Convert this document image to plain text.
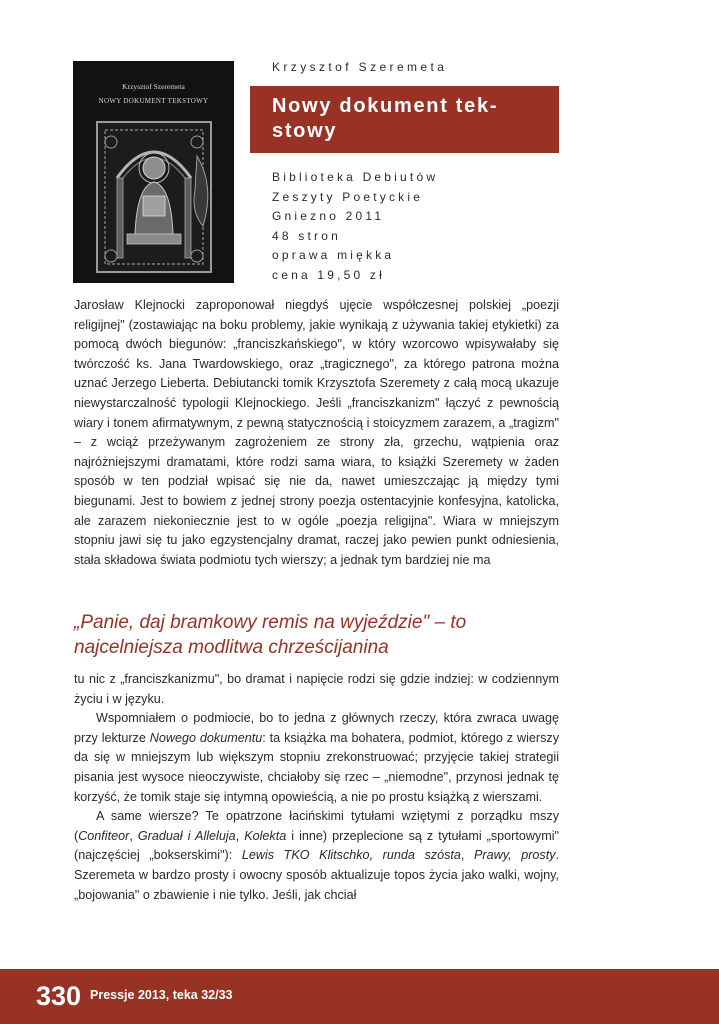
Krzysztof Szeremeta
NOWY DOKUMENT TEKSTOWY
Krzysztof Szeremeta
Nowy dokument tek-stowy
Biblioteka Debiutów
Zeszyty Poetyckie
Gniezno 2011
48 stron
oprawa miękka
cena 19,50 zł

Jarosław Klejnocki zaproponował niegdyś ujęcie współczesnej polskiej „poezji religijnej" (zostawiając na boku problemy, jakie wynikają z używania takiej etykietki) za pomocą dwóch biegunów: „franciszkańskiego", w który wzorcowo wpisywałaby się twórczość ks. Jana Twardowskiego, oraz „tragicznego", za którego patrona można uznać Jerzego Lieberta. Debiutancki tomik Krzysztofa Szeremety z całą mocą ukazuje niewystarczalność typologii Klejnockiego. Jeśli „franciszkanizm" łączyć z pewnością wiary i tonem afirmatywnym, z pewną statycznością i stoicyzmem zarazem, a „tragizm" – z wciąż przeżywanym zagrożeniem ze strony zła, grzechu, wątpienia oraz najróżniejszymi dramatami, które rodzi sama wiara, to książki Szeremety w żaden sposób w ten podział wpisać się nie da, nawet umieszczając ją między tymi biegunami. Jest to bowiem z jednej strony poezja ostentacyjnie konfesyjna, katolicka, ale zarazem niekoniecznie jest to w ogóle „poezja religijna". Wiara w mniejszym stopniu jawi się tu jako egzystencjalny dramat, raczej jako pewien punkt odniesienia, stała składowa świata podmiotu tych wierszy; a jednak tym bardziej nie ma

„Panie, daj bramkowy remis na wyjeździe" – to najcelniejsza modlitwa chrześcijanina

tu nic z „franciszkanizmu", bo dramat i napięcie rodzi się gdzie indziej: w codziennym życiu i w języku.

Wspomniałem o podmiocie, bo to jedna z głównych rzeczy, która zwraca uwagę przy lekturze Nowego dokumentu: ta książka ma bohatera, podmiot, którego z wierszy da się w mniejszym lub większym stopniu zrekonstruować; przyjęcie takiej strategii pisania jest wysoce nieoczywiste, chciałoby się rzec – „niemodne", przynosi jednak tę korzyść, że tomik staje się intymną opowieścią, a nie po prostu książką z wierszami.

A same wiersze? Te opatrzone łacińskimi tytułami wziętymi z porządku mszy (Confiteor, Graduał i Alleluja, Kolekta i inne) przeplecione są z tytułami „sportowymi" (najczęściej „bokserskimi"): Lewis TKO Klitschko, runda szósta, Prawy, prosty. Szeremeta w bardzo prosty i owocny sposób aktualizuje topos życia jako walki, wojny, „bojowania" o zbawienie i nie tylko. Jeśli, jak chciał

330 Pressje 2013, teka 32/33
